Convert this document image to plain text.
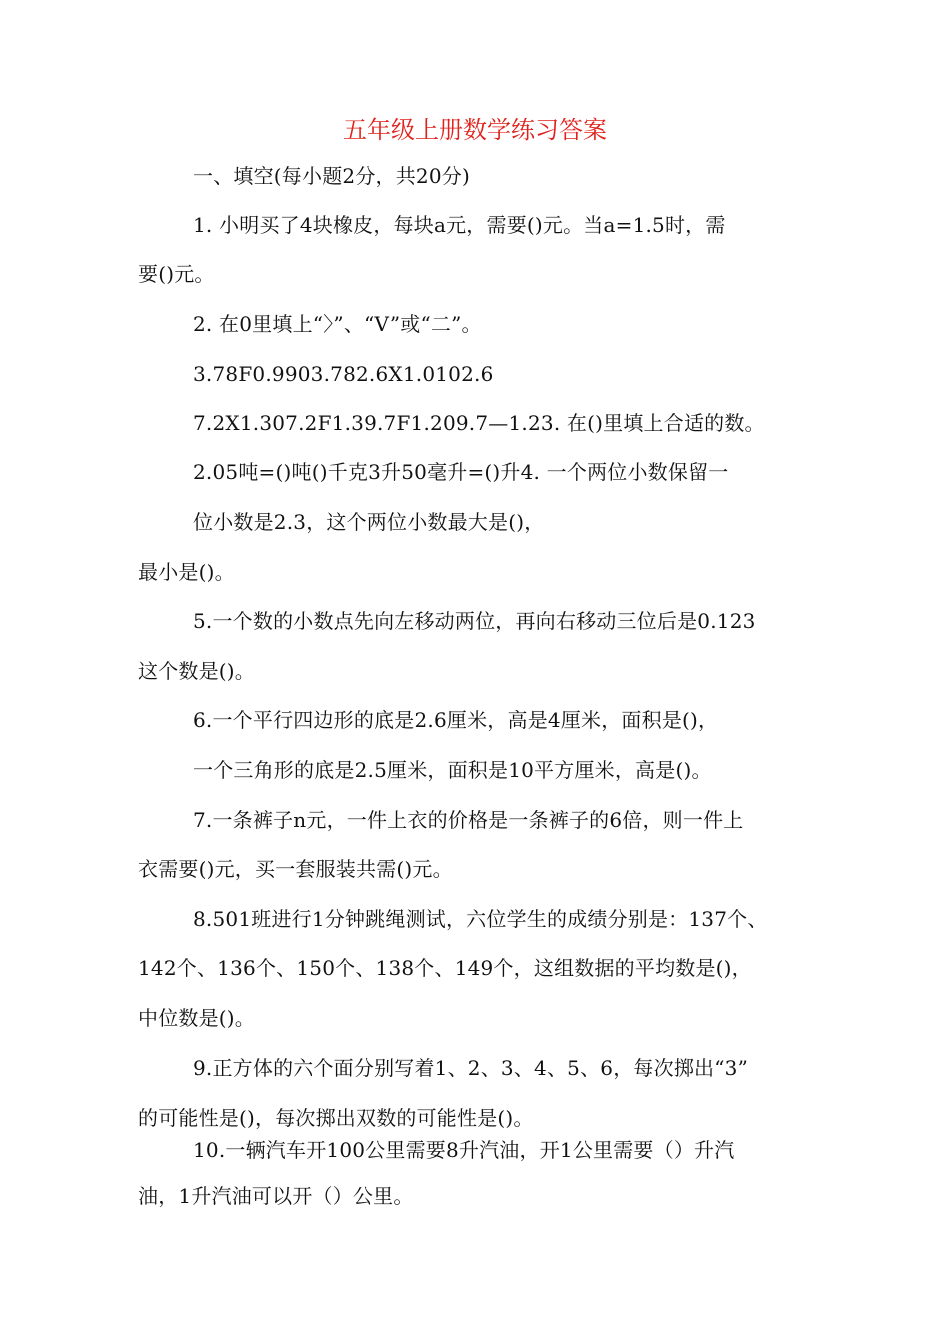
五年级上册数学练习答案
一、填空(每小题2分，共20分)
1. 小明买了4块橡皮，每块a元，需要()元。当a=1.5时，需
要()元。
2. 在0里填上“〉”、“V”或“二”。
3.78F0.9903.782.6X1.0102.6
7.2X1.307.2F1.39.7F1.209.7—1.23. 在()里填上合适的数。
2.05吨=()吨()千克3升50毫升=()升4. 一个两位小数保留一
位小数是2.3，这个两位小数最大是()，
最小是()。
5.一个数的小数点先向左移动两位，再向右移动三位后是0.123
这个数是()。
6.一个平行四边形的底是2.6厘米，高是4厘米，面积是()，
一个三角形的底是2.5厘米，面积是10平方厘米，高是()。
7.一条裤子n元，一件上衣的价格是一条裤子的6倍，则一件上
衣需要()元，买一套服装共需()元。
8.501班进行1分钟跳绳测试，六位学生的成绩分别是：137个、
142个、136个、150个、138个、149个，这组数据的平均数是()，
中位数是()。
9.正方体的六个面分别写着1、2、3、4、5、6，每次掷出“3”
的可能性是()，每次掷出双数的可能性是()。
10.一辆汽车开100公里需要8升汽油，开1公里需要（）升汽
油，1升汽油可以开（）公里。
